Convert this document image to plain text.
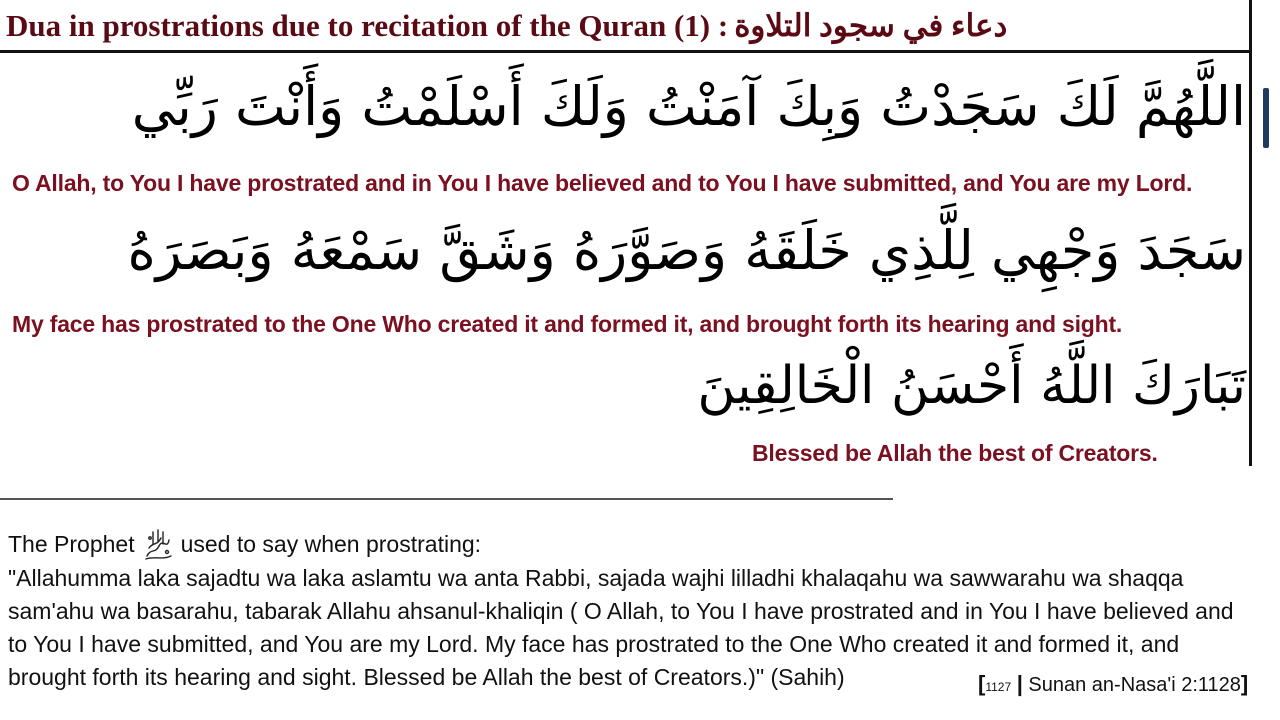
Dua in prostrations due to recitation of the Quran (1) : دعاء في سجود التلاوة
اللَّهُمَّ لَكَ سَجَدْتُ وَبِكَ آمَنْتُ وَلَكَ أَسْلَمْتُ وَأَنْتَ رَبِّي
O Allah, to You I have prostrated and in You I have believed and to You I have submitted, and You are my Lord.
سَجَدَ وَجْهِي لِلَّذِي خَلَقَهُ وَصَوَّرَهُ وَشَقَّ سَمْعَهُ وَبَصَرَهُ
My face has prostrated to the One Who created it and formed it, and brought forth its hearing and sight.
تَبَارَكَ اللَّهُ أَحْسَنُ الْخَالِقِينَ
Blessed be Allah the best of Creators.
The Prophet used to say when prostrating:

"Allahumma laka sajadtu wa laka aslamtu wa anta Rabbi, sajada wajhi lilladhi khalaqahu wa sawwarahu wa shaqqa sam'ahu wa basarahu, tabarak Allahu ahsanul-khaliqin ( O Allah, to You I have prostrated and in You I have believed and to You I have submitted, and You are my Lord. My face has prostrated to the One Who created it and formed it, and brought forth its hearing and sight. Blessed be Allah the best of Creators.)" (Sahih)	[1127 | Sunan an-Nasa'i 2:1128]
